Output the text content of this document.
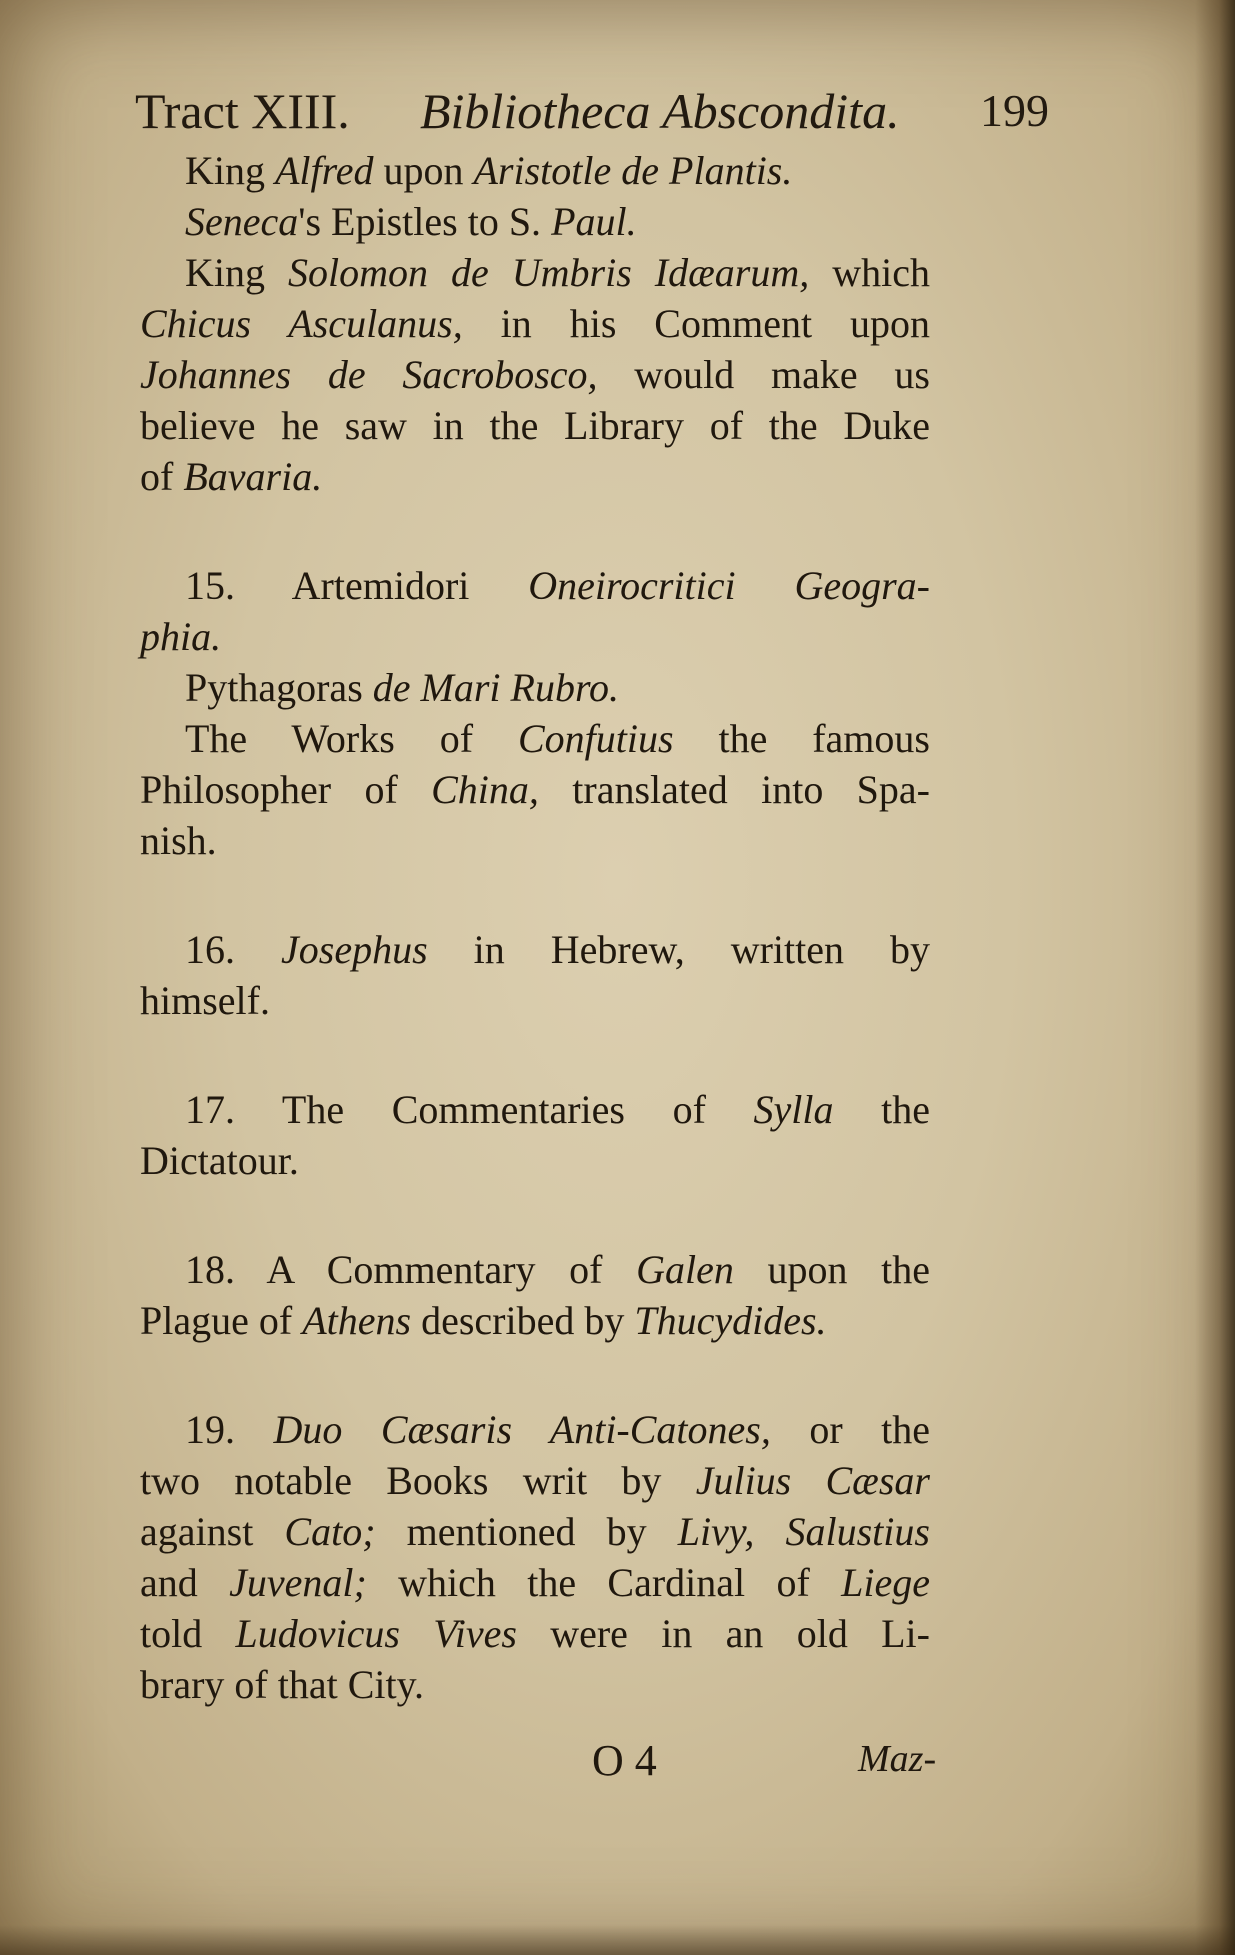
Tract XIII. Bibliotheca Abscondita. 199
King Alfred upon Aristotle de Plantis.
Seneca's Epistles to S. Paul.
King Solomon de Umbris Idæarum, which
Chicus Asculanus, in his Comment upon
Johannes de Sacrobosco, would make us
believe he saw in the Library of the Duke
of Bavaria.
15. Artemidori Oneirocritici Geogra-
phia.
Pythagoras de Mari Rubro.
The Works of Confutius the famous
Philosopher of China, translated into Spa-
nish.
16. Josephus in Hebrew, written by
himself.
17. The Commentaries of Sylla the
Dictatour.
18. A Commentary of Galen upon the
Plague of Athens described by Thucydides.
19. Duo Cæsaris Anti-Catones, or the
two notable Books writ by Julius Cæsar
against Cato; mentioned by Livy, Salustius
and Juvenal; which the Cardinal of Liege
told Ludovicus Vives were in an old Li-
brary of that City.
O 4	Maz-
